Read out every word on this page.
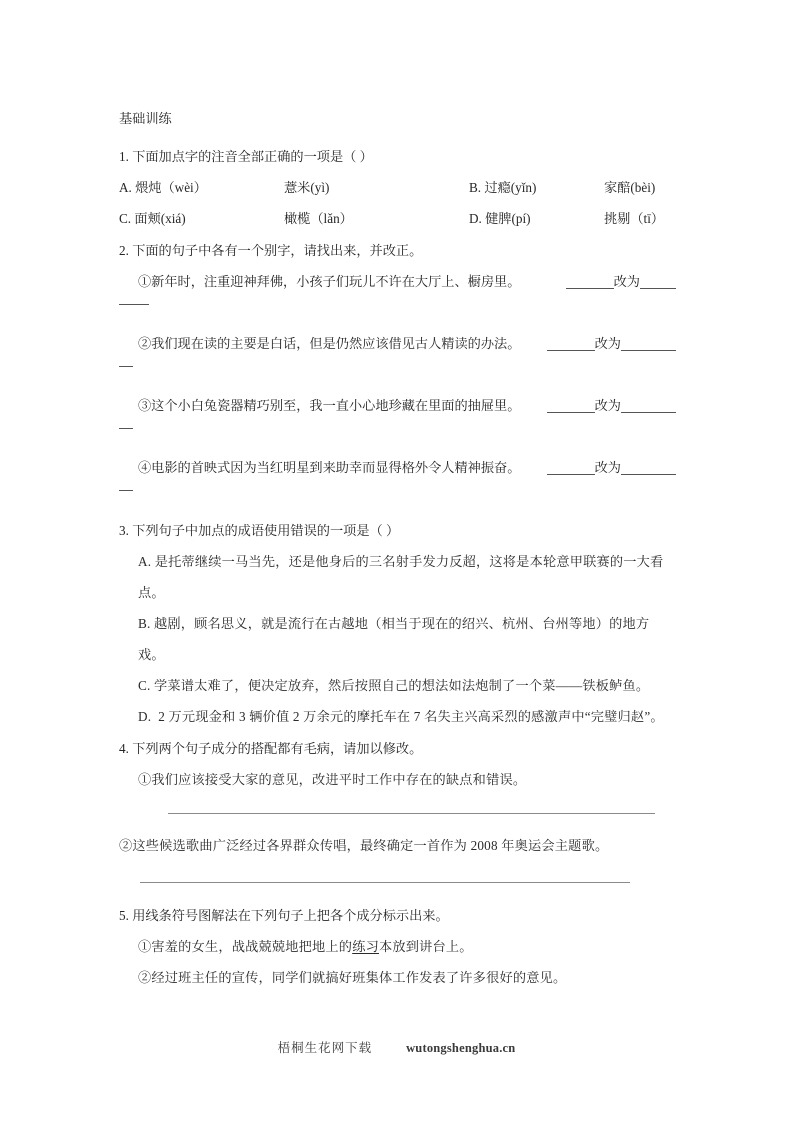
基础训练
1. 下面加点字的注音全部正确的一项是（ ）
A. 煨炖（wèi）	薏米(yì)	B. 过瘾(yǐn)	家醅(bèi)
C. 面颊(xiá)	橄榄（lǎn）	D. 健脾(pí)	挑剔（tī）
2. 下面的句子中各有一个别字，请找出来，并改正。
①新年时，注重迎神拜佛，小孩子们玩儿不许在大厅上、橱房里。	改为
②我们现在读的主要是白话，但是仍然应该借见古人精读的办法。	改为
③这个小白兔瓷器精巧别至，我一直小心地珍藏在里面的抽屉里。	改为
④电影的首映式因为当红明星到来助幸而显得格外令人精神振奋。	改为
3. 下列句子中加点的成语使用错误的一项是（ ）
A. 是托蒂继续一马当先，还是他身后的三名射手发力反超，这将是本轮意甲联赛的一大看点。
B. 越剧，顾名思义，就是流行在古越地（相当于现在的绍兴、杭州、台州等地）的地方戏。
C. 学菜谱太难了，便决定放弃，然后按照自己的想法如法炮制了一个菜——铁板鲈鱼。
D.  2 万元现金和 3 辆价值 2 万余元的摩托车在 7 名失主兴高采烈的感激声中“完璧归赵”。
4. 下列两个句子成分的搭配都有毛病，请加以修改。
①我们应该接受大家的意见，改进平时工作中存在的缺点和错误。
②这些候选歌曲广泛经过各界群众传唱，最终确定一首作为 2008 年奥运会主题歌。
5. 用线条符号图解法在下列句子上把各个成分标示出来。
①害羞的女生，战战兢兢地把地上的练习本放到讲台上。
②经过班主任的宣传，同学们就搞好班集体工作发表了许多很好的意见。
梧桐生花网下载	wutongshenghua.cn
